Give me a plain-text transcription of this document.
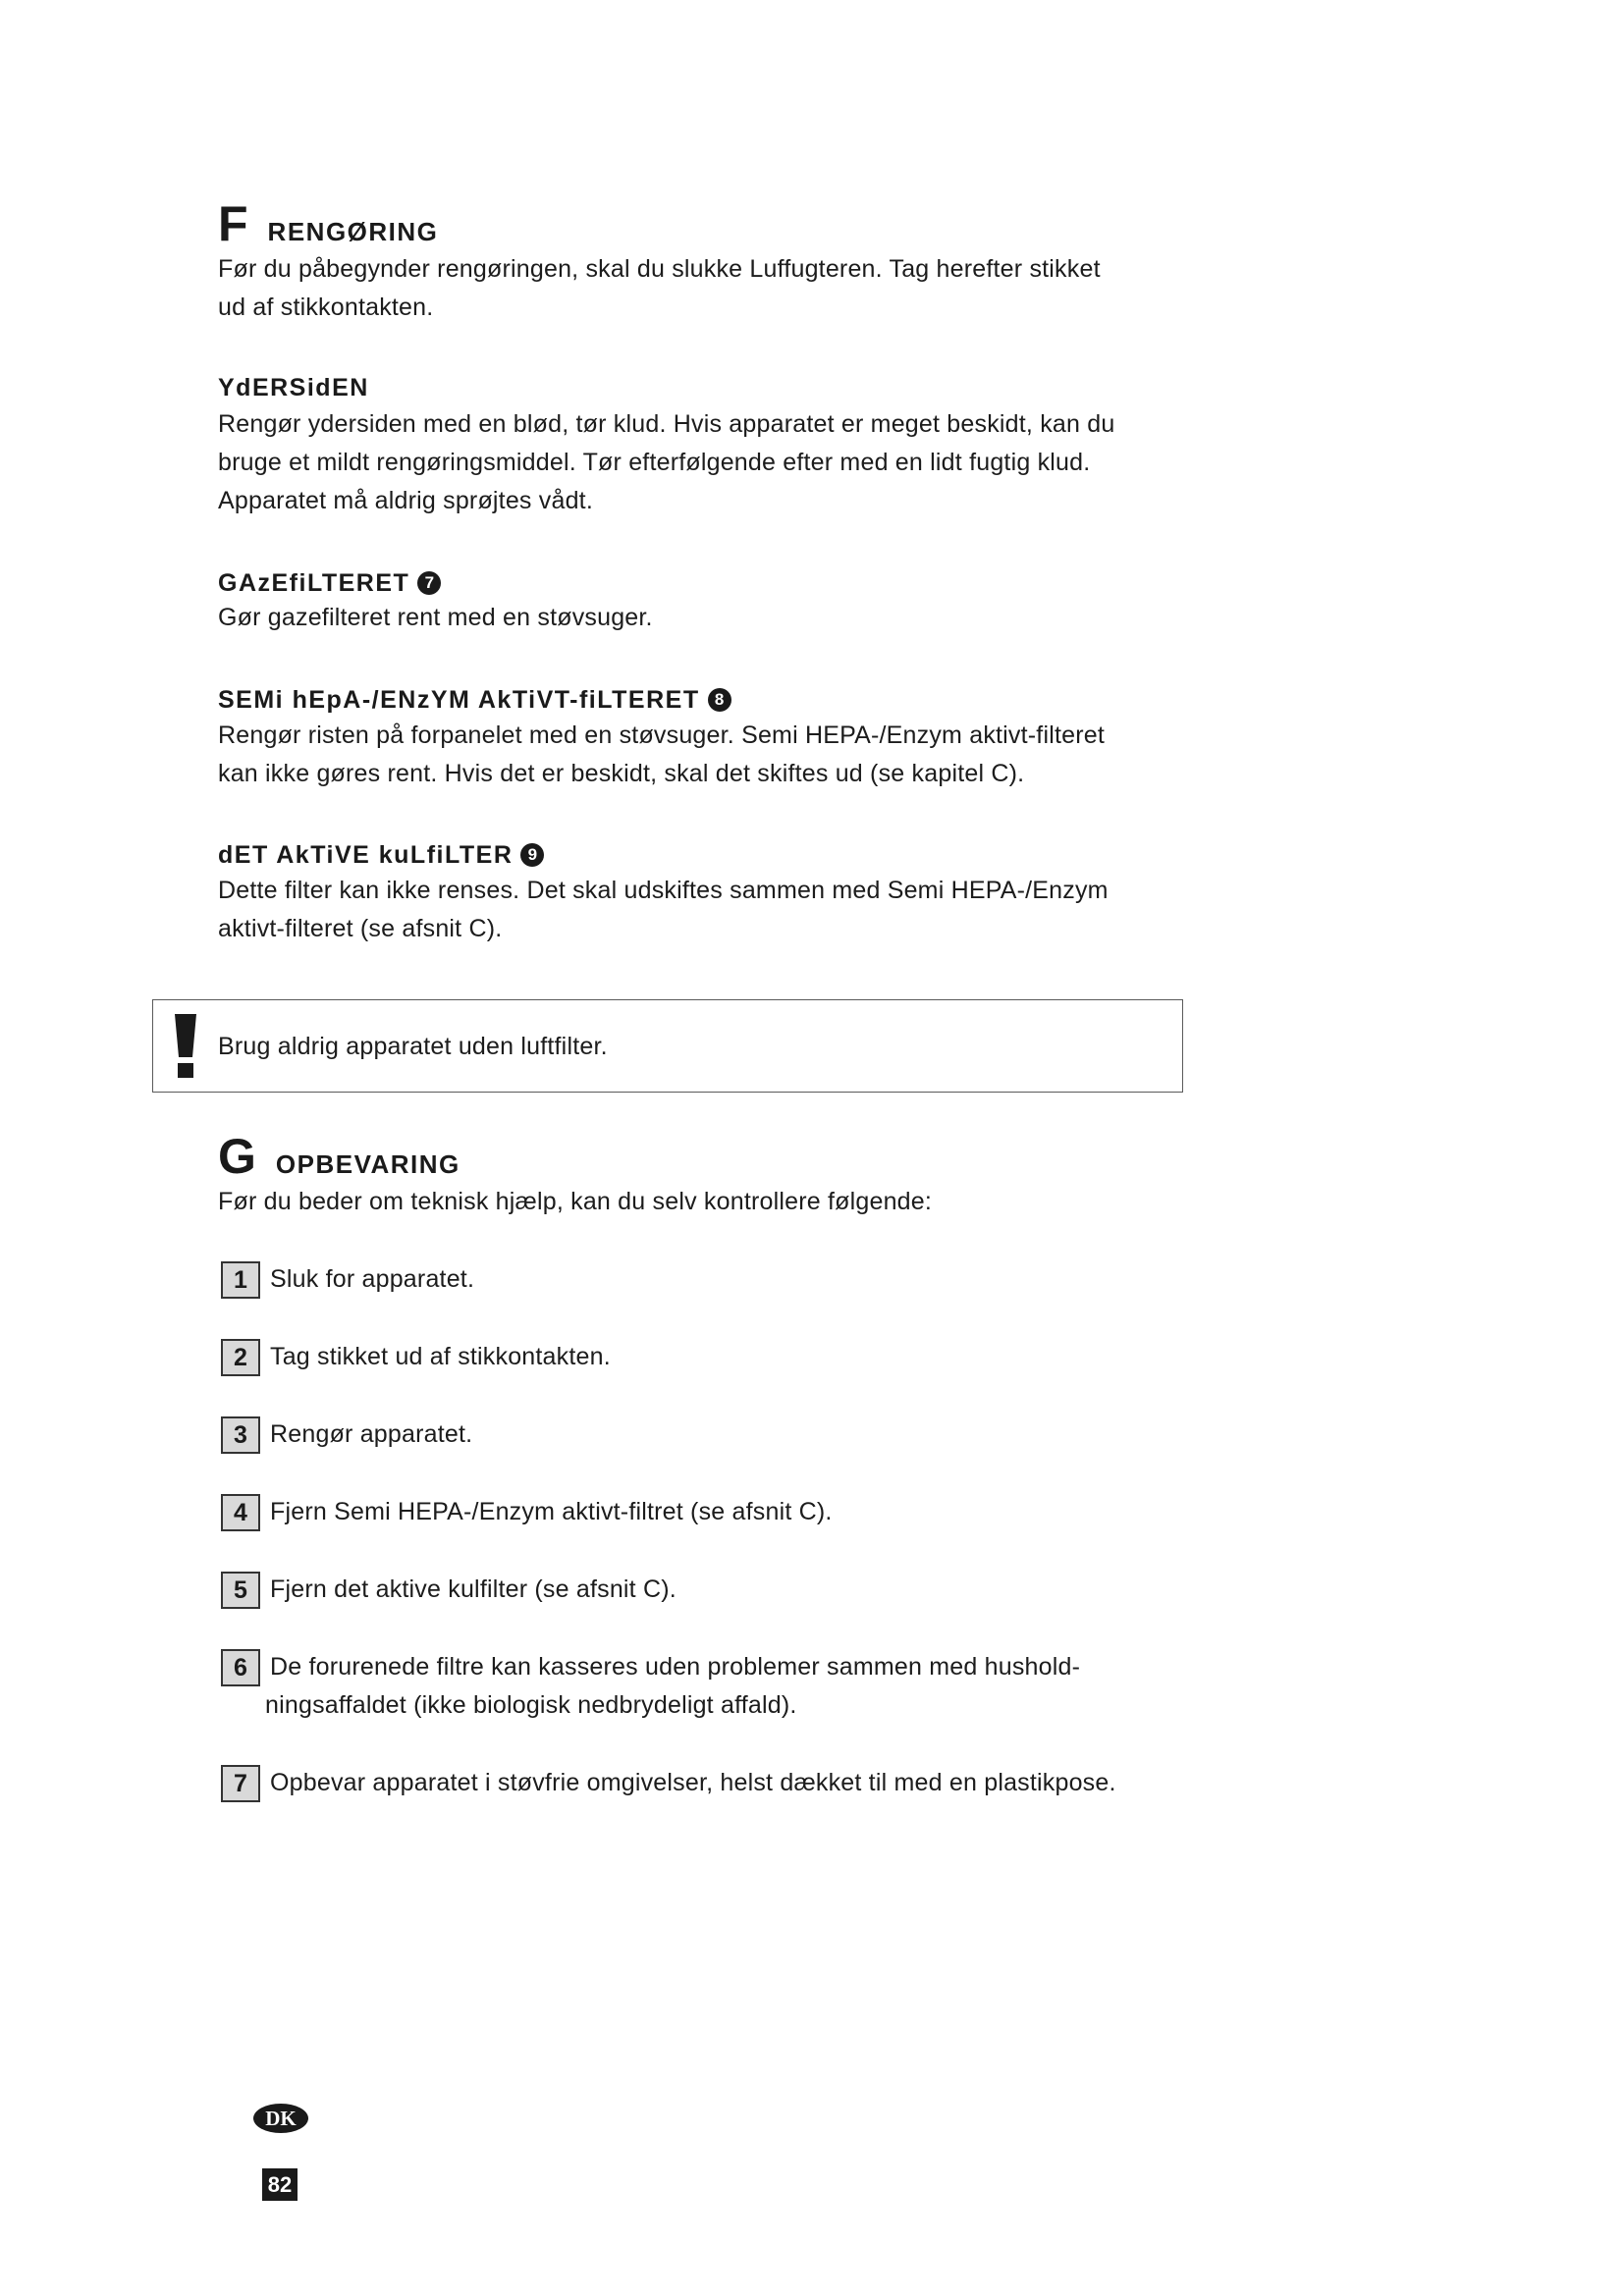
F RENGØRING
Før du påbegynder rengøringen, skal du slukke Luffugteren. Tag herefter stikket
ud af stikkontakten.
YdERSidEN
Rengør ydersiden med en blød, tør klud. Hvis apparatet er meget beskidt, kan du
bruge et mildt rengøringsmiddel. Tør efterfølgende efter med en lidt fugtig klud.
Apparatet må aldrig sprøjtes vådt.
GAzEfiLTERET 7
Gør gazefilteret rent med en støvsuger.
SEMi hEpA-/ENzYM AkTiVT-fiLTERET 8
Rengør risten på forpanelet med en støvsuger. Semi HEPA-/Enzym aktivt-filteret
kan ikke gøres rent. Hvis det er beskidt, skal det skiftes ud (se kapitel C).
dET AkTiVE kuLfiLTER 9
Dette filter kan ikke renses. Det skal udskiftes sammen med Semi HEPA-/Enzym
aktivt-filteret (se afsnit C).
Brug aldrig apparatet uden luftfilter.
G OPBEVARING
Før du beder om teknisk hjælp, kan du selv kontrollere følgende:
1 Sluk for apparatet.
2 Tag stikket ud af stikkontakten.
3 Rengør apparatet.
4 Fjern Semi HEPA-/Enzym aktivt-filtret (se afsnit C).
5 Fjern det aktive kulfilter (se afsnit C).
6 De forurenede filtre kan kasseres uden problemer sammen med hushold-
ningsaffaldet (ikke biologisk nedbrydeligt affald).
7 Opbevar apparatet i støvfrie omgivelser, helst dækket til med en plastikpose.
DK
82
